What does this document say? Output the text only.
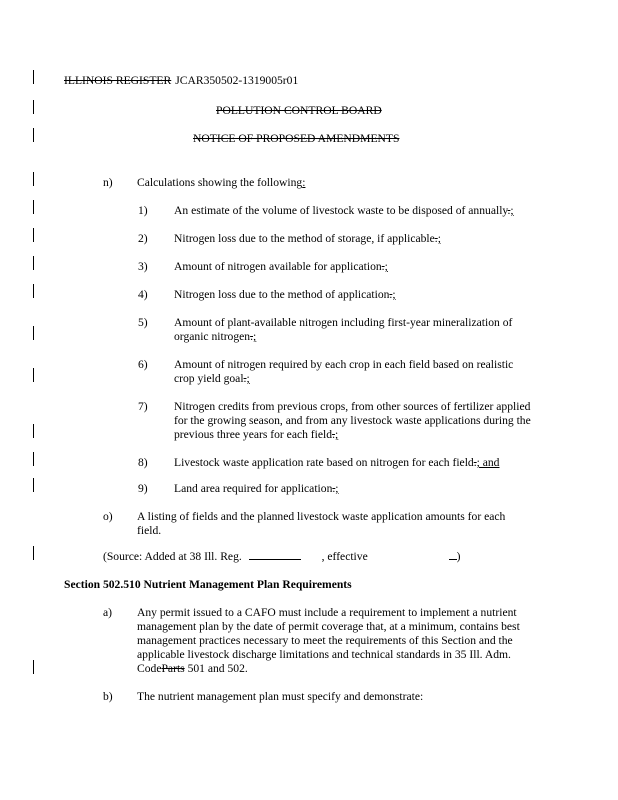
ILLINOIS REGISTER JCAR350502-1319005r01
POLLUTION CONTROL BOARD
NOTICE OF PROPOSED AMENDMENTS
n) Calculations showing the following:
1) An estimate of the volume of livestock waste to be disposed of annually.;
2) Nitrogen loss due to the method of storage, if applicable.;
3) Amount of nitrogen available for application.;
4) Nitrogen loss due to the method of application.;
5) Amount of plant-available nitrogen including first-year mineralization of organic nitrogen.;
6) Amount of nitrogen required by each crop in each field based on realistic crop yield goal.;
7) Nitrogen credits from previous crops, from other sources of fertilizer applied for the growing season, and from any livestock waste applications during the previous three years for each field.;
8) Livestock waste application rate based on nitrogen for each field.; and
9) Land area required for application.;
o) A listing of fields and the planned livestock waste application amounts for each field.
(Source: Added at 38 Ill. Reg.	, effective	)
Section 502.510 Nutrient Management Plan Requirements
a) Any permit issued to a CAFO must include a requirement to implement a nutrient management plan by the date of permit coverage that, at a minimum, contains best management practices necessary to meet the requirements of this Section and the applicable livestock discharge limitations and technical standards in 35 Ill. Adm. CodeParts 501 and 502.
b) The nutrient management plan must specify and demonstrate:
